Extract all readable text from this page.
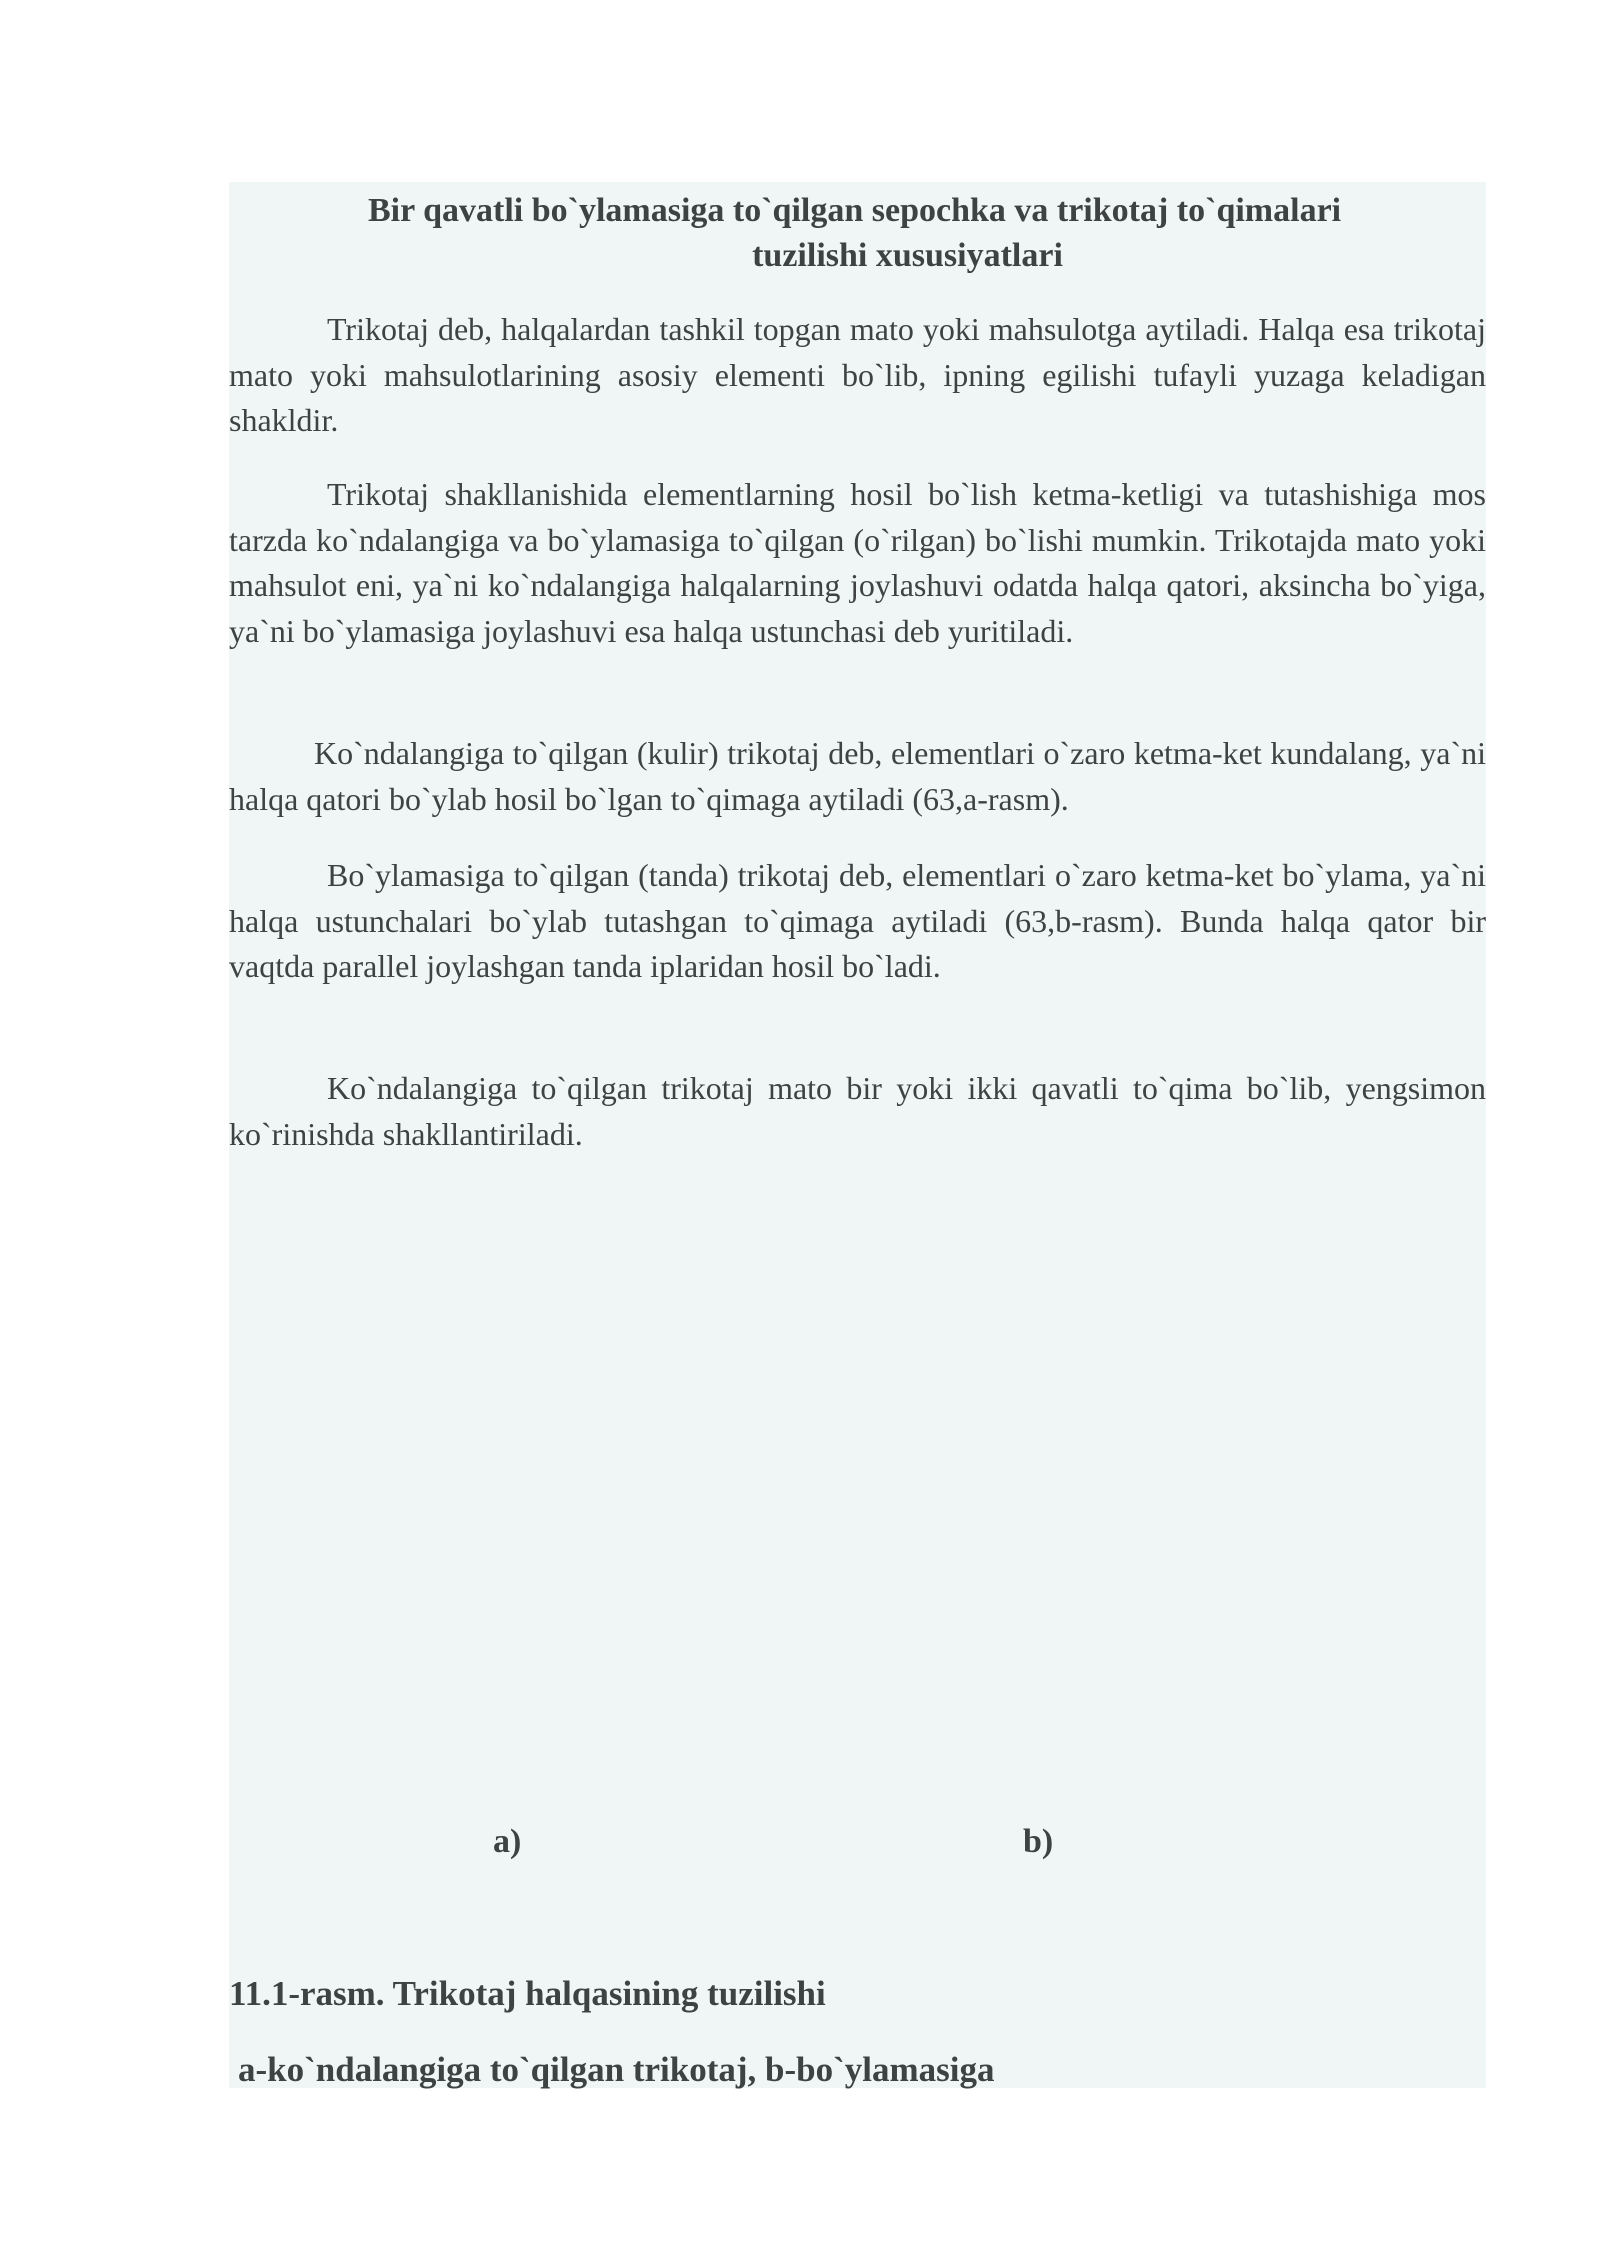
Bir qavatli bo`ylamasiga to`qilgan sepochka va trikotaj to`qimalari
tuzilishi xususiyatlari

Trikotaj deb, halqalardan tashkil topgan mato yoki mahsulotga aytiladi. Halqa esa trikotaj mato yoki mahsulotlarining asosiy elementi bo`lib, ipning egilishi tufayli yuzaga keladigan shakldir.

Trikotaj shakllanishida elementlarning hosil bo`lish ketma-ketligi va tutashishiga mos tarzda ko`ndalangiga va bo`ylamasiga to`qilgan (o`rilgan) bo`lishi mumkin. Trikotajda mato yoki mahsulot eni, ya`ni ko`ndalangiga halqalarning joylashuvi odatda halqa qatori, aksincha bo`yiga, ya`ni bo`ylamasiga joylashuvi esa halqa ustunchasi deb yuritiladi.

Ko`ndalangiga to`qilgan (kulir) trikotaj deb, elementlari o`zaro ketma-ket kundalang, ya`ni halqa qatori bo`ylab hosil bo`lgan to`qimaga aytiladi (63,a-rasm).

Bo`ylamasiga to`qilgan (tanda) trikotaj deb, elementlari o`zaro ketma-ket bo`ylama, ya`ni halqa ustunchalari bo`ylab tutashgan to`qimaga aytiladi (63,b-rasm). Bunda halqa qator bir vaqtda parallel joylashgan tanda iplaridan hosil bo`ladi.

Ko`ndalangiga to`qilgan trikotaj mato bir yoki ikki qavatli to`qima bo`lib, yengsimon ko`rinishda shakllantiriladi.

a)	b)

11.1-rasm. Trikotaj halqasining tuzilishi

a-ko`ndalangiga to`qilgan trikotaj, b-bo`ylamasiga
